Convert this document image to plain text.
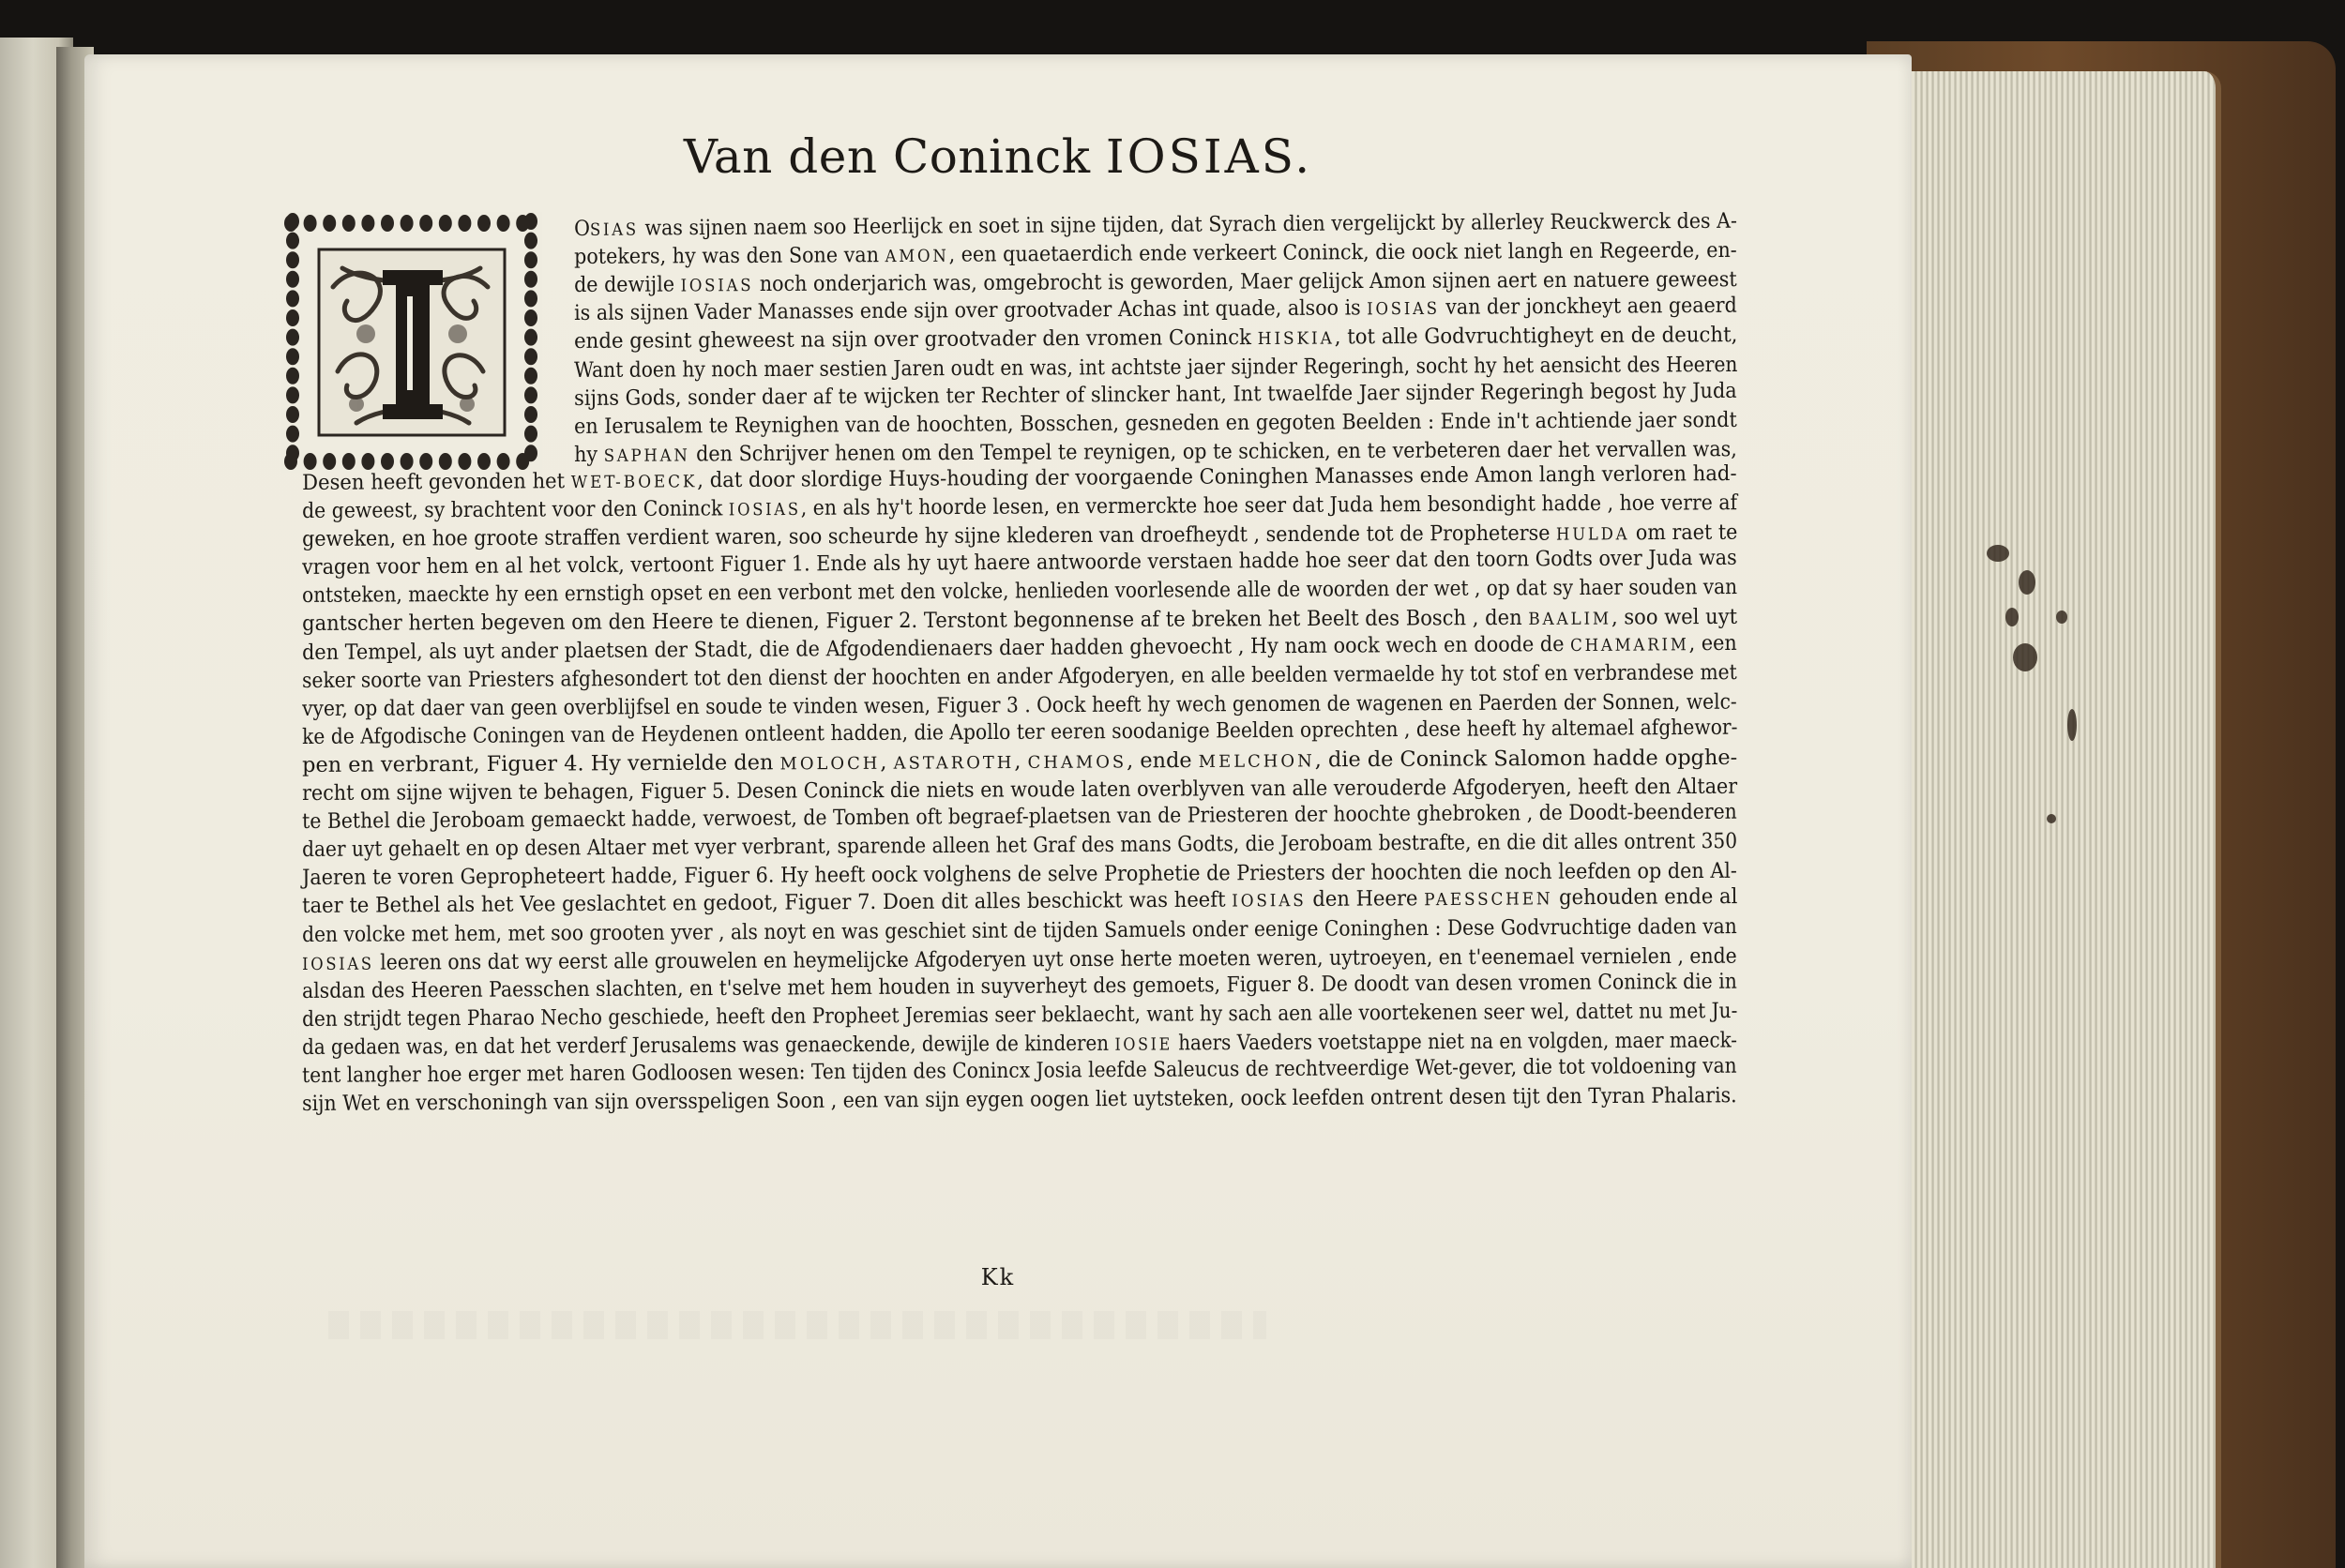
Van den Coninck IOSIAS.
OSIAS was sijnen naem soo Heerlijck en soet in sijne tijden, dat Syrach dien vergelijckt by allerley Reuckwerck des A-
potekers, hy was den Sone van AMON, een quaetaerdich ende verkeert Coninck, die oock niet langh en Regeerde, en-
de dewijle IOSIAS noch onderjarich was, omgebrocht is geworden, Maer gelijck Amon sijnen aert en natuere geweest
is als sijnen Vader Manasses ende sijn over grootvader Achas int quade, alsoo is IOSIAS van der jonckheyt aen geaerd
ende gesint gheweest na sijn over grootvader den vromen Coninck HISKIA, tot alle Godvruchtigheyt en de deucht,
Want doen hy noch maer sestien Jaren oudt en was, int achtste jaer sijnder Regeringh, socht hy het aensicht des Heeren
sijns Gods, sonder daer af te wijcken ter Rechter of slincker hant, Int twaelfde Jaer sijnder Regeringh begost hy Juda
en Ierusalem te Reynighen van de hoochten, Bosschen, gesneden en gegoten Beelden : Ende in't achtiende jaer sondt
hy SAPHAN den Schrijver henen om den Tempel te reynigen, op te schicken, en te verbeteren daer het vervallen was,
Desen heeft gevonden het WET-BOECK, dat door slordige Huys-houding der voorgaende Coninghen Manasses ende Amon langh verloren had-
de geweest, sy brachtent voor den Coninck IOSIAS, en als hy't hoorde lesen, en vermerckte hoe seer dat Juda hem besondight hadde , hoe verre af
geweken, en hoe groote straffen verdient waren, soo scheurde hy sijne klederen van droefheydt , sendende tot de Propheterse HULDA om raet te
vragen voor hem en al het volck, vertoont Figuer 1. Ende als hy uyt haere antwoorde verstaen hadde hoe seer dat den toorn Godts over Juda was
ontsteken, maeckte hy een ernstigh opset en een verbont met den volcke, henlieden voorlesende alle de woorden der wet , op dat sy haer souden van
gantscher herten begeven om den Heere te dienen, Figuer 2. Terstont begonnense af te breken het Beelt des Bosch , den BAALIM, soo wel uyt
den Tempel, als uyt ander plaetsen der Stadt, die de Afgodendienaers daer hadden ghevoecht , Hy nam oock wech en doode de CHAMARIM, een
seker soorte van Priesters afghesondert tot den dienst der hoochten en ander Afgoderyen, en alle beelden vermaelde hy tot stof en verbrandese met
vyer, op dat daer van geen overblijfsel en soude te vinden wesen, Figuer 3 . Oock heeft hy wech genomen de wagenen en Paerden der Sonnen, welc-
ke de Afgodische Coningen van de Heydenen ontleent hadden, die Apollo ter eeren soodanige Beelden oprechten , dese heeft hy altemael afghewor-
pen en verbrant, Figuer 4. Hy vernielde den MOLOCH, ASTAROTH, CHAMOS, ende MELCHON, die de Coninck Salomon hadde opghe-
recht om sijne wijven te behagen, Figuer 5. Desen Coninck die niets en woude laten overblyven van alle verouderde Afgoderyen, heeft den Altaer
te Bethel die Jeroboam gemaeckt hadde, verwoest, de Tomben oft begraef-plaetsen van de Priesteren der hoochte ghebroken , de Doodt-beenderen
daer uyt gehaelt en op desen Altaer met vyer verbrant, sparende alleen het Graf des mans Godts, die Jeroboam bestrafte, en die dit alles ontrent 350
Jaeren te voren Geprophetеert hadde, Figuer 6. Hy heeft oock volghens de selve Prophetie de Priesters der hoochten die noch leefden op den Al-
taer te Bethel als het Vee geslachtet en gedoot, Figuer 7. Doen dit alles beschickt was heeft IOSIAS den Heere PAESSCHEN gehouden ende al
den volcke met hem, met soo grooten yver , als noyt en was geschiet sint de tijden Samuels onder eenige Coninghen : Dese Godvruchtige daden van
IOSIAS leeren ons dat wy eerst alle grouwelen en heymelijcke Afgoderyen uyt onse herte moeten weren, uytroeyen, en t'eenemael vernielen , ende
alsdan des Heeren Paesschen slachten, en t'selve met hem houden in suyverheyt des gemoets, Figuer 8. De doodt van desen vromen Coninck die in
den strijdt tegen Pharao Necho geschiede, heeft den Propheet Jeremias seer beklaecht, want hy sach aen alle voortekenen seer wel, dattet nu met Ju-
da gedaen was, en dat het verderf Jerusalems was genaeckende, dewijle de kinderen IOSIE haers Vaeders voetstappe niet na en volgden, maer maeck-
tent langher hoe erger met haren Godloosen wesen: Ten tijden des Conincx Josia leefde Saleucus de rechtveerdige Wet-gever, die tot voldoening van
sijn Wet en verschoningh van sijn oversspeligen Soon , een van sijn eygen oogen liet uytsteken, oock leefden ontrent desen tijt den Tyran Phalaris.
Kk
